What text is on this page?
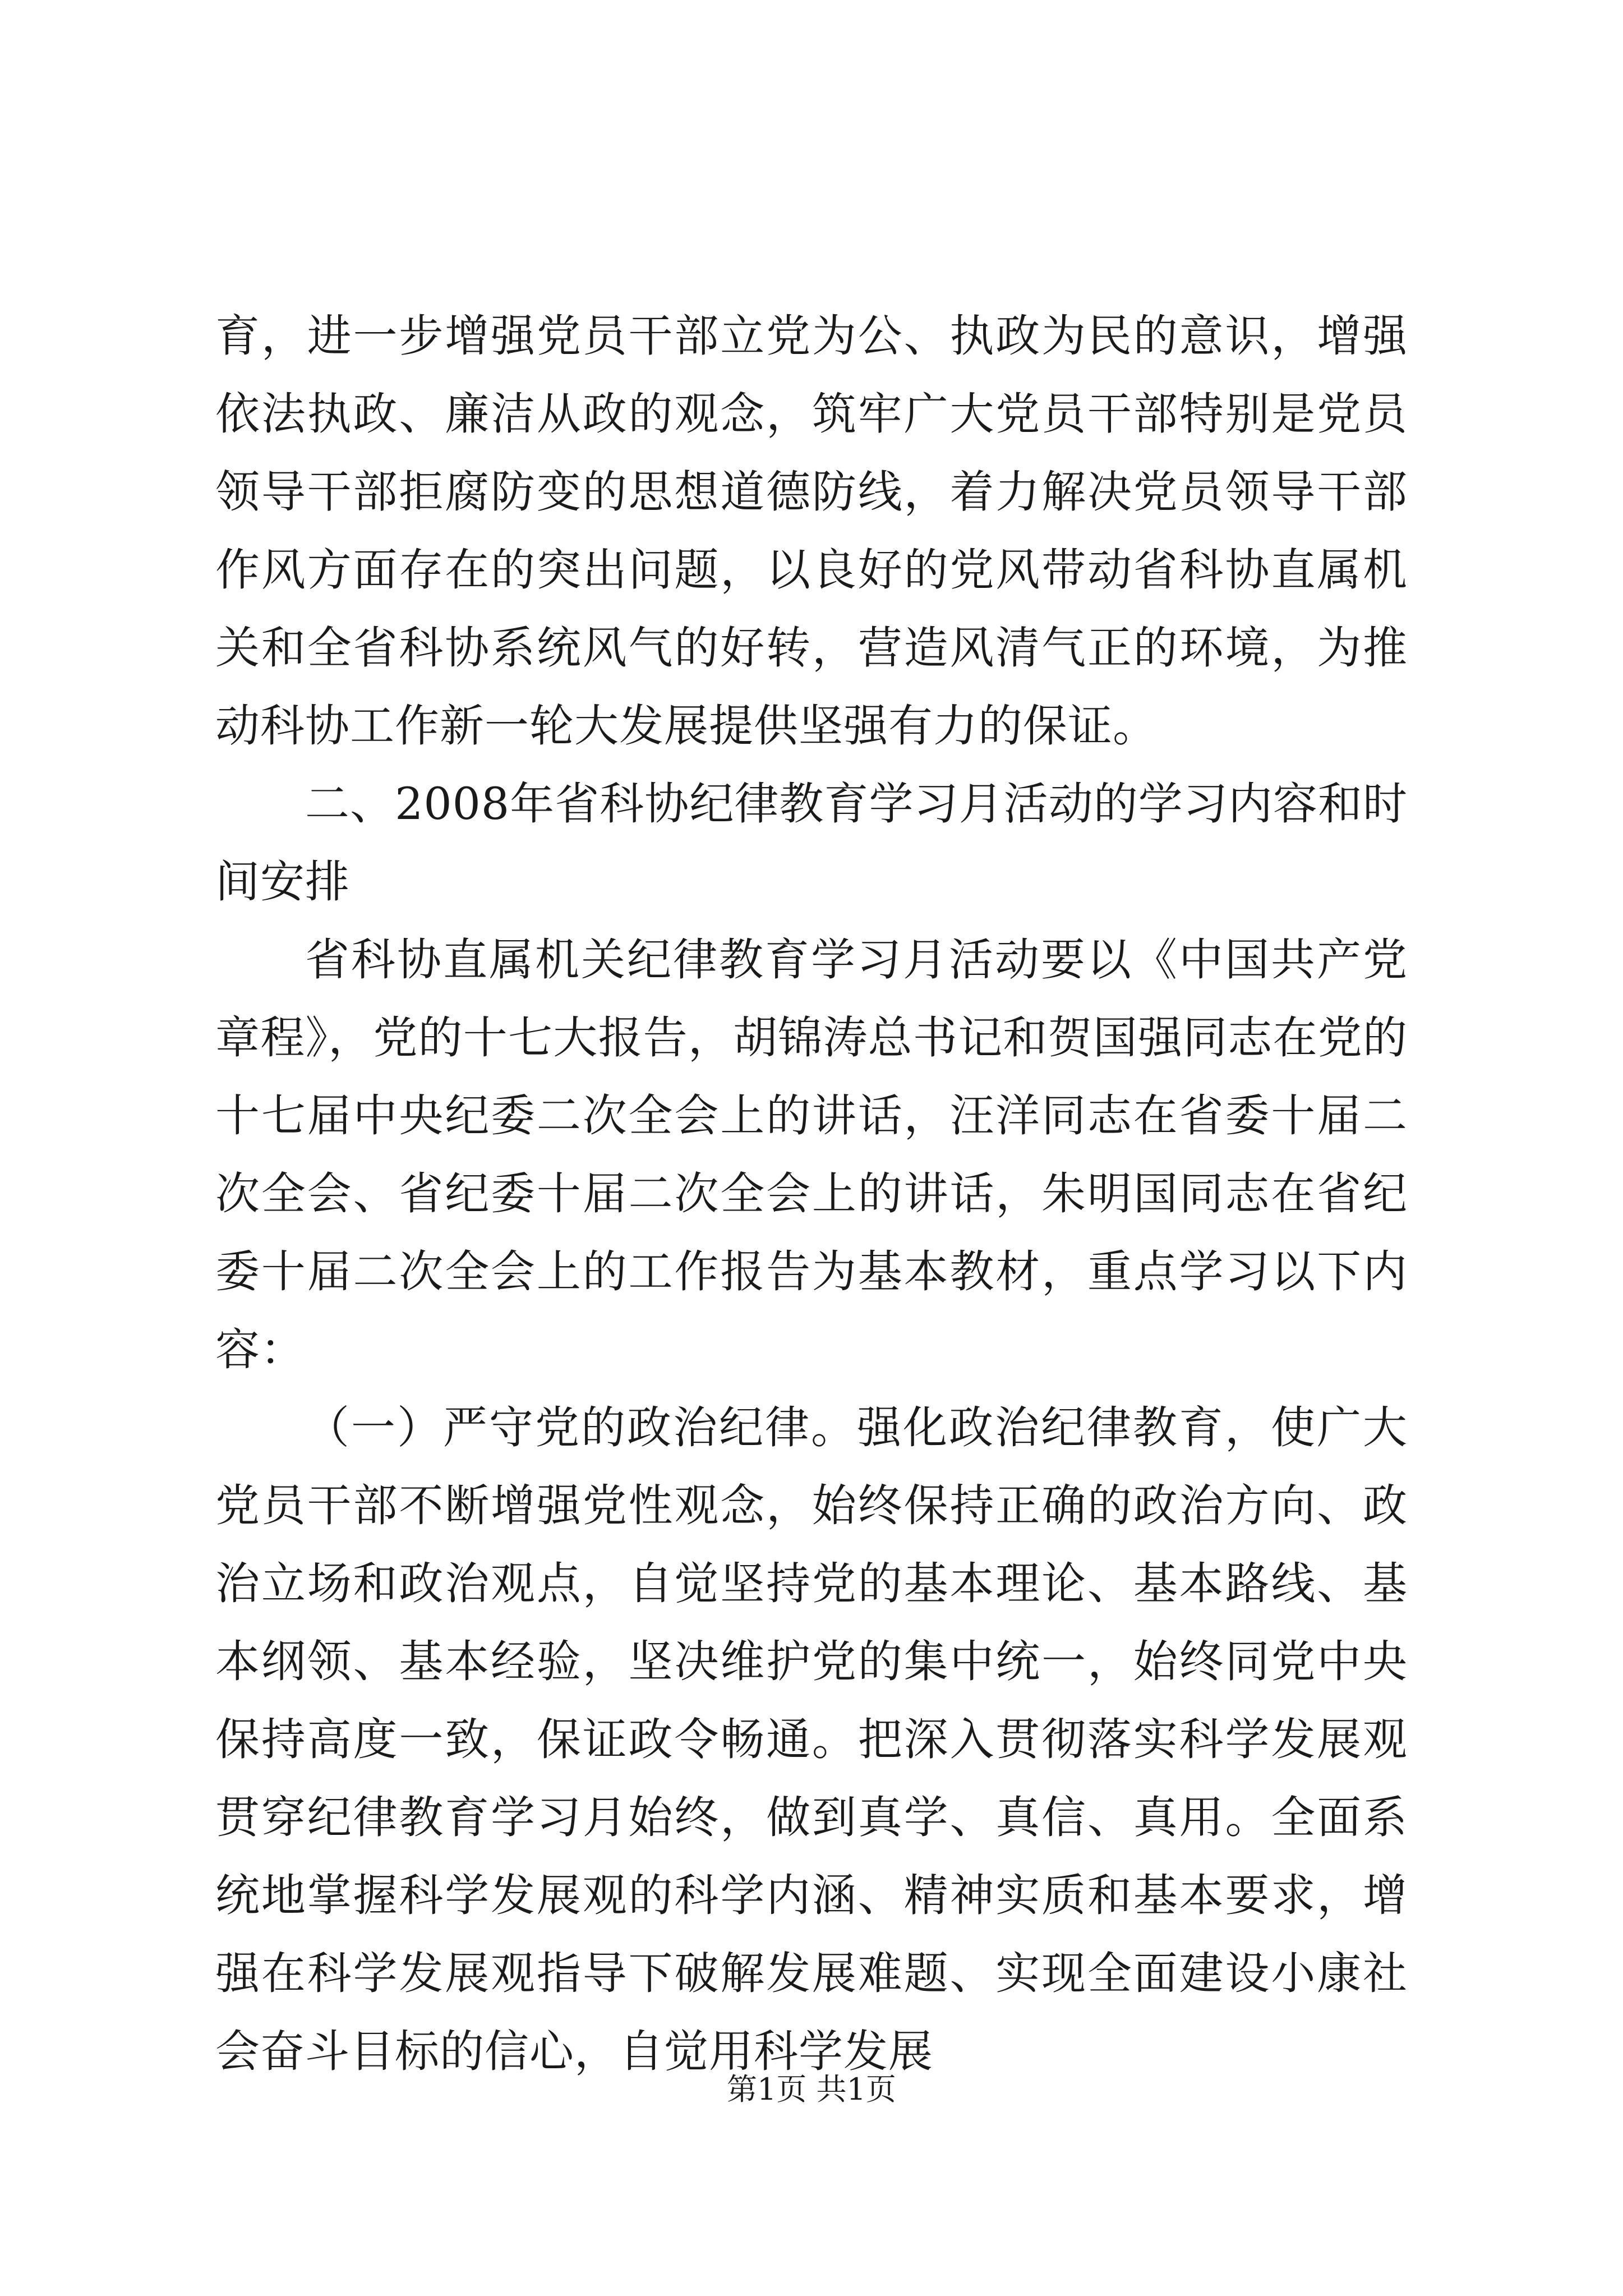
育，进一步增强党员干部立党为公、执政为民的意识，增强依法执政、廉洁从政的观念，筑牢广大党员干部特别是党员领导干部拒腐防变的思想道德防线，着力解决党员领导干部作风方面存在的突出问题，以良好的党风带动省科协直属机关和全省科协系统风气的好转，营造风清气正的环境，为推动科协工作新一轮大发展提供坚强有力的保证。

二、2008年省科协纪律教育学习月活动的学习内容和时间安排

省科协直属机关纪律教育学习月活动要以《中国共产党章程》，党的十七大报告，胡锦涛总书记和贺国强同志在党的十七届中央纪委二次全会上的讲话，汪洋同志在省委十届二次全会、省纪委十届二次全会上的讲话，朱明国同志在省纪委十届二次全会上的工作报告为基本教材，重点学习以下内容：

（一）严守党的政治纪律。强化政治纪律教育，使广大党员干部不断增强党性观念，始终保持正确的政治方向、政治立场和政治观点，自觉坚持党的基本理论、基本路线、基本纲领、基本经验，坚决维护党的集中统一，始终同党中央保持高度一致，保证政令畅通。把深入贯彻落实科学发展观贯穿纪律教育学习月始终，做到真学、真信、真用。全面系统地掌握科学发展观的科学内涵、精神实质和基本要求，增强在科学发展观指导下破解发展难题、实现全面建设小康社会奋斗目标的信心，自觉用科学发展

第1页 共1页
